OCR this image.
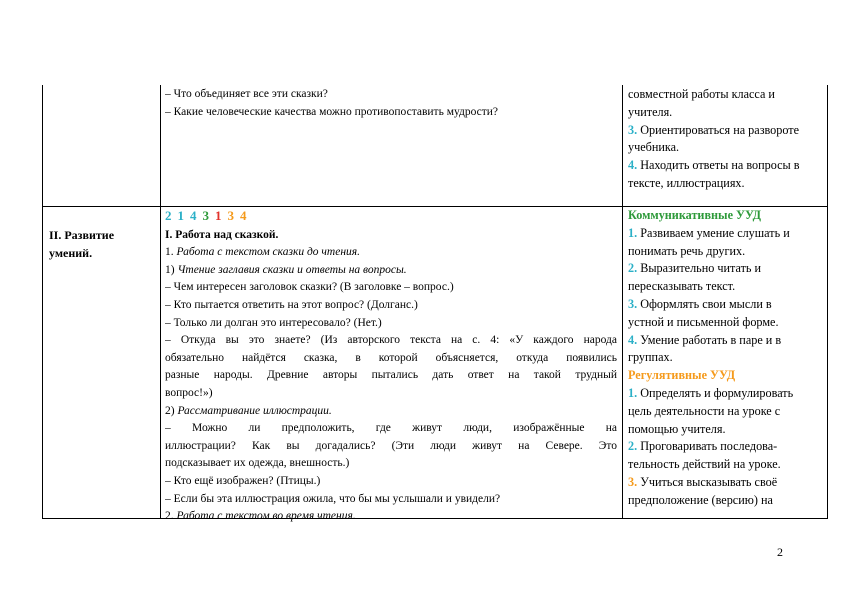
– Что объединяет все эти сказки?
– Какие человеческие качества можно противопоставить мудрости?
совместной работы класса и
учителя.
3. Ориентироваться на развороте
учебника.
4. Находить ответы на вопросы в
тексте, иллюстрациях.
II. Развитие
умений.
2 1 4 3 1 3 4
I. Работа над сказкой.
1. Работа с текстом сказки до чтения.
1) Чтение заглавия сказки и ответы на вопросы.
– Чем интересен заголовок сказки? (В заголовке – вопрос.)
– Кто пытается ответить на этот вопрос? (Долганс.)
– Только ли долган это интересовало? (Нет.)
– Откуда вы это знаете? (Из авторского текста на с. 4: «У каждого народа
обязательно найдётся сказка, в которой объясняется, откуда появились
разные народы. Древние авторы пытались дать ответ на такой трудный
вопрос!»)
2) Рассматривание иллюстрации.
– Можно ли предположить, где живут люди, изображённые на
иллюстрации? Как вы догадались? (Эти люди живут на Севере. Это
подсказывает их одежда, внешность.)
– Кто ещё изображен? (Птицы.)
– Если бы эта иллюстрация ожила, что бы мы услышали и увидели?
2. Работа с текстом во время чтения.
Коммуникативные УУД
1. Развиваем умение слушать и
понимать речь других.
2. Выразительно читать и
пересказывать текст.
3. Оформлять свои мысли в
устной и письменной форме.
4. Умение работать в паре и в
группах.
Регулятивные УУД
1. Определять и формулировать
цель деятельности на уроке с
помощью учителя.
2. Проговаривать последова-
тельность действий на уроке.
3. Учиться высказывать своё
предположение (версию) на
2
